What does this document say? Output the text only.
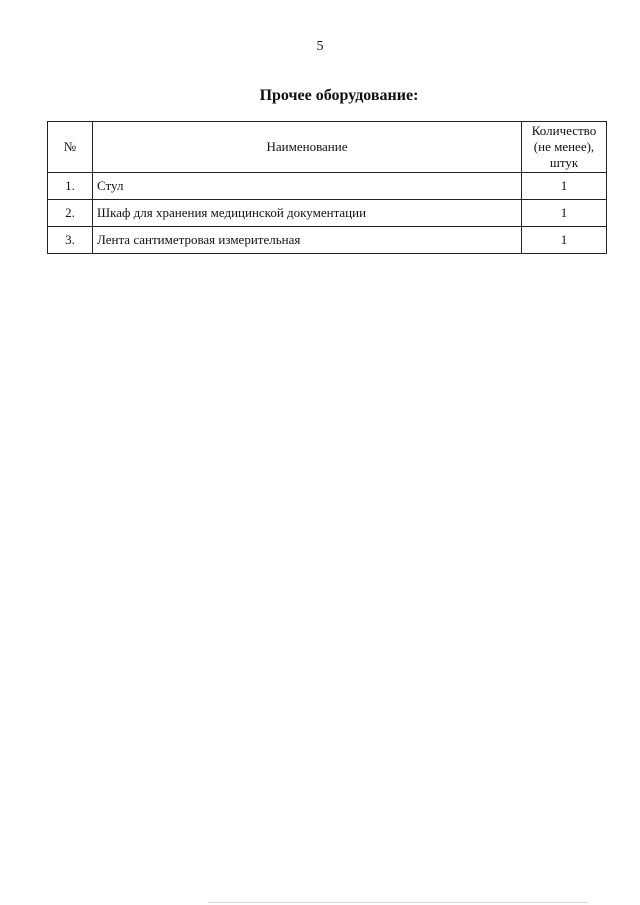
5
Прочее оборудование:
№	Наименование	Количество (не менее), штук
1.	Стул	1
2.	Шкаф для хранения медицинской документации	1
3.	Лента сантиметровая измерительная	1
